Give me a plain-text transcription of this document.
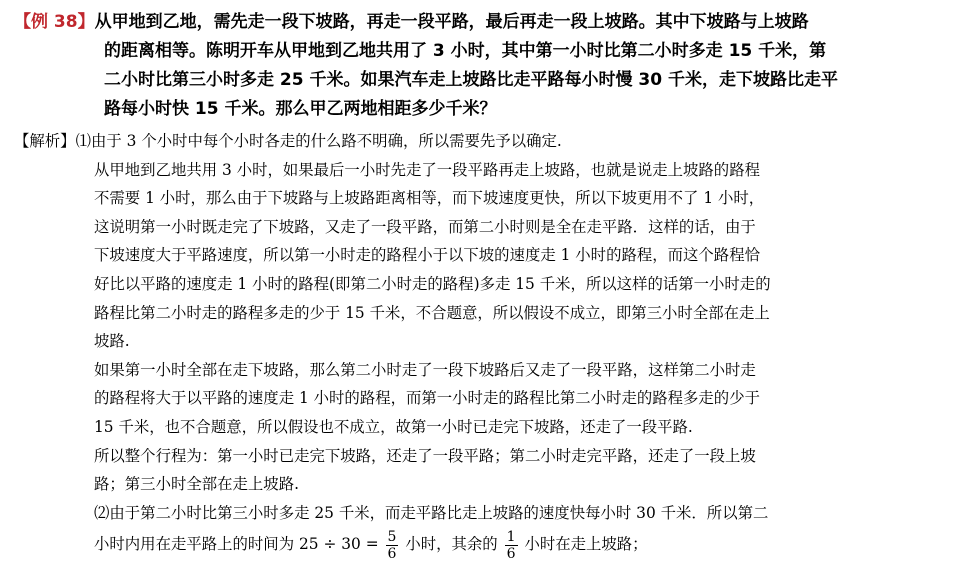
【例 38】从甲地到乙地，需先走一段下坡路，再走一段平路，最后再走一段上坡路。其中下坡路与上坡路
的距离相等。陈明开车从甲地到乙地共用了 3 小时，其中第一小时比第二小时多走 15 千米，第
二小时比第三小时多走 25 千米。如果汽车走上坡路比走平路每小时慢 30 千米，走下坡路比走平
路每小时快 15 千米。那么甲乙两地相距多少千米？
【解析】⑴由于 3 个小时中每个小时各走的什么路不明确，所以需要先予以确定.
从甲地到乙地共用 3 小时，如果最后一小时先走了一段平路再走上坡路，也就是说走上坡路的路程
不需要 1 小时，那么由于下坡路与上坡路距离相等，而下坡速度更快，所以下坡更用不了 1 小时，
这说明第一小时既走完了下坡路，又走了一段平路，而第二小时则是全在走平路．这样的话，由于
下坡速度大于平路速度，所以第一小时走的路程小于以下坡的速度走 1 小时的路程，而这个路程恰
好比以平路的速度走 1 小时的路程(即第二小时走的路程)多走 15 千米，所以这样的话第一小时走的
路程比第二小时走的路程多走的少于 15 千米，不合题意，所以假设不成立，即第三小时全部在走上
坡路.
如果第一小时全部在走下坡路，那么第二小时走了一段下坡路后又走了一段平路，这样第二小时走
的路程将大于以平路的速度走 1 小时的路程，而第一小时走的路程比第二小时走的路程多走的少于
15 千米，也不合题意，所以假设也不成立，故第一小时已走完下坡路，还走了一段平路.
所以整个行程为：第一小时已走完下坡路，还走了一段平路；第二小时走完平路，还走了一段上坡
路；第三小时全部在走上坡路.
⑵由于第二小时比第三小时多走 25 千米，而走平路比走上坡路的速度快每小时 30 千米．所以第二
小时内用在走平路上的时间为 $25 \div 30 = \frac{5}{6}$ 小时，其余的 $\frac{1}{6}$ 小时在走上坡路；
